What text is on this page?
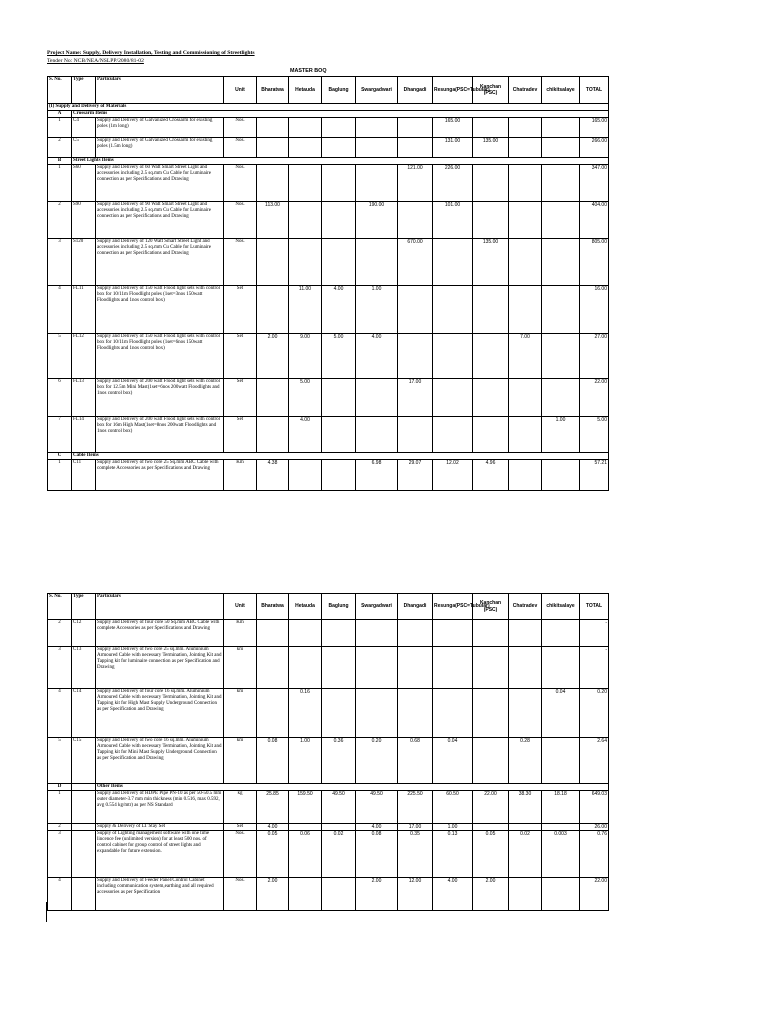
Project Name: Supply, Delivery Installation, Testing and Commissioning of Streetlights
Tender No: NCB/NEA/NSLPP/2080/81-02
MASTER BOQ
S. No.	Type	Particulars	Unit	Bharatwa	Hetauda	Baglung	Swargadwari	Dhangadi	Resunga(PSC=Tubular)	Kanchan (PSC)	Chatradev	chikitsalaye	TOTAL
(I) Supply and Delivery of Materials													
A	Crossarm Items												
1	C4	Supply and Delivery of Galvanized Crossarm for existing poles (1m long)	Nos.						165.00				165.00
2	C5	Supply and Delivery of Galvanized Crossarm for existing poles (1.5m long)	Nos.						131.00	135.00			266.00
B	Street Lights Items												
1	S60	Supply and Delivery of 60 Watt Smart Street Light and accessories including 2.5 sq.mm Cu Cable for Luminaire connection as per Specifications and Drawing	Nos.					121.00	226.00				347.00
2	S90	Supply and Delivery of 90 Watt Smart Street Light and accessories including 2.5 sq.mm Cu Cable for Luminaire connection as per Specifications and Drawing	Nos.	113.00			190.00		101.00				404.00
3	S120	Supply and Delivery of 120 Watt Smart Street Light and accessories including 2.5 sq.mm Cu Cable for Luminaire connection as per Specifications and Drawing	Nos.					670.00		135.00			805.00
4	FL11	Supply and Delivery of 150 watt Flood light sets with control box for 10/11m Floodlight poles (1set=3nos 150watt Floodlights and 1nos control box)	Set		11.00	4.00	1.00						16.00
5	FL12	Supply and Delivery of 150 watt Flood light sets with control box for 10/11m Floodlight poles (1set=6nos 150watt Floodlights and 1nos control box)	Set	2.00	9.00	5.00	4.00				7.00		27.00
6	FL13	Supply and Delivery of 200 watt Flood light sets with control box for 12.5m Mini Mast(1set=6nos 200watt Floodlights and 1nos control box)	Set		5.00			17.00					22.00
7	FL14	Supply and Delivery of 200 watt Flood light sets with control box for 16m High Mast(1set=8nos 200watt Floodlights and 1nos control box)	Set		4.00							1.00	5.00
C	Cable Items												
1	C11	Supply and Delivery of two core 25 Sq.mm ABC Cable with complete Accessories as per Specifications and Drawing	Km	4.38			6.98	29.07	12.02	4.96			57.21
S. No.	Type	Particulars	Unit	Bharatwa	Hetauda	Baglung	Swargadwari	Dhangadi	Resunga(PSC=Tubular)	Kanchan (PSC)	Chatradev	chikitsalaye	TOTAL
2	C12	Supply and Delivery of four core 50 Sq.mm ABC Cable with complete Accessories as per Specifications and Drawing	Km										-
3	C13	Supply and Delivery of two core 25 sq.mm. Aluminium Armoured Cable with necessary Termination, Jointing Kit and Tapping kit for luminaire connection as per Specification and Drawing	km										-
4	C14	Supply and Delivery of four core 16 sq.mm. Aluminium Armoured Cable with necessary Termination, Jointing Kit and Tapping kit for High Mast Supply Underground Connection as per Specification and Drawing	km		0.16							0.04	0.20
5	C15	Supply and Delivery of two core 16 sq.mm. Aluminium Armoured Cable with necessary Termination, Jointing Kit and Tapping kit for Mini Mast Supply Underground Connection as per Specification and Drawing	km	0.08	1.00	0.36	0.20	0.68	0.04		0.28		2.64
D		Other Items											
1		Supply and Delivery of HDPE Pipe PN-10 as per 50-50.5 mm outer diameter-3.7 mm min thickness (min 0.516, max 0.592, avg 0.554 kg/mtr) as per NS Standard	kg	25.85	159.50	49.50	49.50	225.50	60.50	22.00	38.30	18.18	649.03
2		Supply & Delivery of LT Stay Set	Set	4.00			4.00	17.00	1.00				26.00
3		Supply of Lighting management software with one time lincence fee (unlimited version) for at least 500 nos. of control cabinet for group control of street lights and expandable for future extension.	Nos.	0.05	0.06	0.02	0.08	0.35	0.13	0.05	0.02	0.003	0.76
4		Supply and Delivery of Feeder Panel/Control Cabinet including communication system,earthing and all required accessories as per Specification	Nos.	2.00			2.00	12.00	4.00	2.00			22.00
